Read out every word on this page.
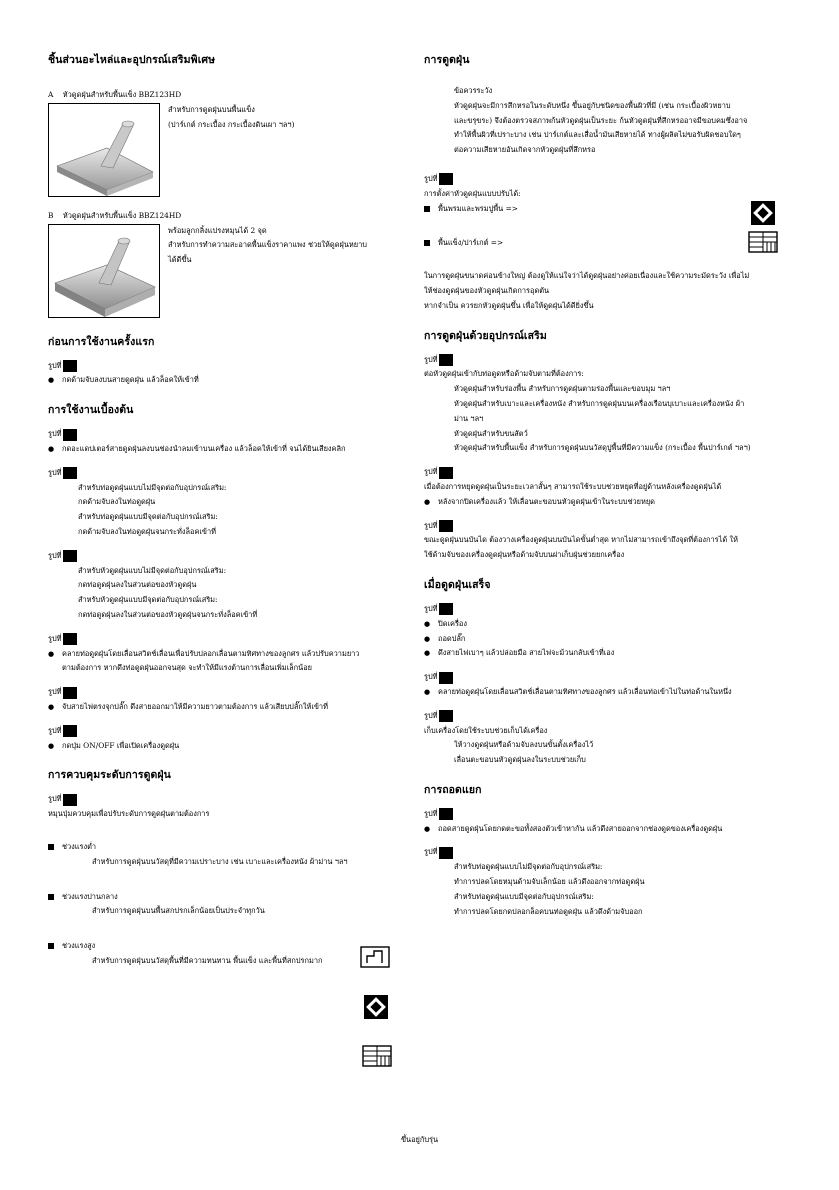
ชิ้นส่วนอะไหล่และอุปกรณ์เสริมพิเศษ
A หัวดูดฝุ่นสำหรับพื้นแข็ง BBZ123HD
สำหรับการดูดฝุ่นบนพื้นแข็ง
(ปาร์เกต์ กระเบื้อง กระเบื้องดินเผา ฯลฯ)
B หัวดูดฝุ่นสำหรับพื้นแข็ง BBZ124HD
พร้อมลูกกลิ้งแปรงหมุนได้ 2 จุด
สำหรับการทำความสะอาดพื้นแข็งราคาแพง ช่วยให้ดูดฝุ่นหยาบ
ได้ดีขึ้น
ก่อนการใช้งานครั้งแรก
รูปที่
●	กดด้ามจับลงบนสายดูดฝุ่น แล้วล็อคให้เข้าที่
การใช้งานเบื้องต้น
รูปที่
●	กดอะแดปเตอร์สายดูดฝุ่นลงบนช่องนำลมเข้าบนเครื่อง แล้วล็อคให้เข้าที่ จนได้ยินเสียงคลิก
รูปที่
สำหรับท่อดูดฝุ่นแบบไม่มีจุดต่อกับอุปกรณ์เสริม:
กดด้ามจับลงในท่อดูดฝุ่น
สำหรับท่อดูดฝุ่นแบบมีจุดต่อกับอุปกรณ์เสริม:
กดด้ามจับลงในท่อดูดฝุ่นจนกระทั่งล็อคเข้าที่
รูปที่
สำหรับหัวดูดฝุ่นแบบไม่มีจุดต่อกับอุปกรณ์เสริม:
กดท่อดูดฝุ่นลงในส่วนต่อของหัวดูดฝุ่น
สำหรับหัวดูดฝุ่นแบบมีจุดต่อกับอุปกรณ์เสริม:
กดท่อดูดฝุ่นลงในส่วนต่อของหัวดูดฝุ่นจนกระทั่งล็อคเข้าที่
รูปที่
●	คลายท่อดูดฝุ่นโดยเลื่อนสวิตช์เลื่อนเพื่อปรับปลอกเลื่อนตามทิศทางของลูกศร แล้วปรับความยาว
ตามต้องการ หากดึงท่อดูดฝุ่นออกจนสุด จะทำให้มีแรงต้านการเลื่อนเพิ่มเล็กน้อย
รูปที่
●	จับสายไฟตรงจุกปลั๊ก ดึงสายออกมาให้มีความยาวตามต้องการ แล้วเสียบปลั๊กให้เข้าที่
รูปที่
●	กดปุ่ม ON/OFF เพื่อเปิดเครื่องดูดฝุ่น
การควบคุมระดับการดูดฝุ่น
รูปที่
หมุนปุ่มควบคุมเพื่อปรับระดับการดูดฝุ่นตามต้องการ
ช่วงแรงต่ำ
สำหรับการดูดฝุ่นบนวัสดุที่มีความเปราะบาง เช่น เบาะและเครื่องหนัง ผ้าม่าน ฯลฯ
ช่วงแรงปานกลาง
สำหรับการดูดฝุ่นบนพื้นสกปรกเล็กน้อยเป็นประจำทุกวัน
ช่วงแรงสูง
สำหรับการดูดฝุ่นบนวัสดุพื้นที่มีความทนทาน พื้นแข็ง และพื้นที่สกปรกมาก
การดูดฝุ่น
ข้อควรระวัง
หัวดูดฝุ่นจะมีการสึกหรอในระดับหนึ่ง ขึ้นอยู่กับชนิดของพื้นผิวที่มี (เช่น กระเบื้องผิวหยาบ
และขรุขระ) จึงต้องตรวจสภาพก้นหัวดูดฝุ่นเป็นระยะ ก้นหัวดูดฝุ่นที่สึกหรออาจมีขอบคมซึ่งอาจ
ทำให้พื้นผิวที่เปราะบาง เช่น ปาร์เกต์และเสื่อน้ำมันเสียหายได้ ทางผู้ผลิตไม่ขอรับผิดชอบใดๆ
ต่อความเสียหายอันเกิดจากหัวดูดฝุ่นที่สึกหรอ
รูปที่
การตั้งค่าหัวดูดฝุ่นแบบปรับได้:
พื้นพรมและพรมปูพื้น =>
พื้นแข็ง/ปาร์เกต์ =>
ในการดูดฝุ่นขนาดค่อนข้างใหญ่ ต้องดูให้แน่ใจว่าได้ดูดฝุ่นอย่างค่อยเนื่องและใช้ความระมัดระวัง เพื่อไม่
ให้ช่องดูดฝุ่นของหัวดูดฝุ่นเกิดการอุดตัน
หากจำเป็น ควรยกหัวดูดฝุ่นขึ้น เพื่อให้ดูดฝุ่นได้ดียิ่งขึ้น
การดูดฝุ่นด้วยอุปกรณ์เสริม
รูปที่
ต่อหัวดูดฝุ่นเข้ากับท่อดูดหรือด้ามจับตามที่ต้องการ:
หัวดูดฝุ่นสำหรับร่องพื้น สำหรับการดูดฝุ่นตามร่องพื้นและขอบมุม ฯลฯ
หัวดูดฝุ่นสำหรับเบาะและเครื่องหนัง สำหรับการดูดฝุ่นบนเครื่องเรือนบุเบาะและเครื่องหนัง ผ้า
ม่าน ฯลฯ
หัวดูดฝุ่นสำหรับขนสัตว์
หัวดูดฝุ่นสำหรับพื้นแข็ง สำหรับการดูดฝุ่นบนวัสดุปูพื้นที่มีความแข็ง (กระเบื้อง พื้นปาร์เกต์ ฯลฯ)
รูปที่
เมื่อต้องการหยุดดูดฝุ่นเป็นระยะเวลาสั้นๆ สามารถใช้ระบบช่วยหยุดที่อยู่ด้านหลังเครื่องดูดฝุ่นได้
●	หลังจากปิดเครื่องแล้ว ให้เลื่อนตะขอบนหัวดูดฝุ่นเข้าในระบบช่วยหยุด
รูปที่
ขณะดูดฝุ่นบนบันได ต้องวางเครื่องดูดฝุ่นบนบันไดขั้นต่ำสุด หากไม่สามารถเข้าถึงจุดที่ต้องการได้ ให้
ใช้ด้ามจับของเครื่องดูดฝุ่นหรือด้ามจับบนฝาเก็บฝุ่นช่วยยกเครื่อง
เมื่อดูดฝุ่นเสร็จ
รูปที่
●	ปิดเครื่อง
●	ถอดปลั๊ก
●	ดึงสายไฟเบาๆ แล้วปล่อยมือ สายไฟจะม้วนกลับเข้าที่เอง
รูปที่
●	คลายท่อดูดฝุ่นโดยเลื่อนสวิตช์เลื่อนตามทิศทางของลูกศร แล้วเลื่อนท่อเข้าไปในท่อด้านในหนึ่ง
รูปที่
เก็บเครื่องโดยใช้ระบบช่วยเก็บได้เครื่อง
ให้วางดูดฝุ่นหรือด้ามจับลงบนขั้นตั้งเครื่องไว้
เลื่อนตะขอบนหัวดูดฝุ่นลงในระบบช่วยเก็บ
การถอดแยก
รูปที่
●	ถอดสายดูดฝุ่นโดยกดตะขอทั้งสองตัวเข้าหากัน แล้วดึงสายออกจากช่องดูดของเครื่องดูดฝุ่น
รูปที่
สำหรับท่อดูดฝุ่นแบบไม่มีจุดต่อกับอุปกรณ์เสริม:
ทำการปลดโดยหมุนด้ามจับเล็กน้อย แล้วดึงออกจากท่อดูดฝุ่น
สำหรับท่อดูดฝุ่นแบบมีจุดต่อกับอุปกรณ์เสริม:
ทำการปลดโดยกดปลอกล็อคบนท่อดูดฝุ่น แล้วดึงด้ามจับออก
ขึ้นอยู่กับรุ่น
